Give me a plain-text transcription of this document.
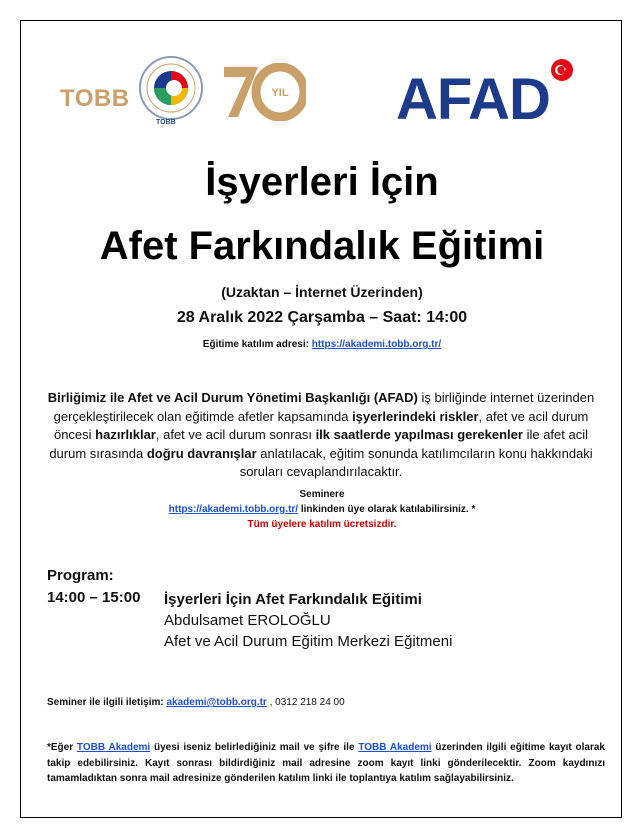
TOBB
TOBB
YIL AFAD
İşyerleri İçin
Afet Farkındalık Eğitimi
(Uzaktan – İnternet Üzerinden)
28 Aralık 2022 Çarşamba – Saat: 14:00
Eğitime katılım adresi: https://akademi.tobb.org.tr/
Birliğimiz ile Afet ve Acil Durum Yönetimi Başkanlığı (AFAD) iş birliğinde internet üzerinden gerçekleştirilecek olan eğitimde afetler kapsamında işyerlerindeki riskler, afet ve acil durum öncesi hazırlıklar, afet ve acil durum sonrası ilk saatlerde yapılması gerekenler ile afet acil durum sırasında doğru davranışlar anlatılacak, eğitim sonunda katılımcıların konu hakkındaki soruları cevaplandırılacaktır.
Seminere
https://akademi.tobb.org.tr/ linkinden üye olarak katılabilirsiniz. *
Tüm üyelere katılım ücretsizdir.
Program:
14:00 – 15:00	İşyerleri İçin Afet Farkındalık Eğitimi
Abdulsamet EROLOĞLU
Afet ve Acil Durum Eğitim Merkezi Eğitmeni
Seminer ile ilgili iletişim: akademi@tobb.org.tr , 0312 218 24 00
*Eğer TOBB Akademi üyesi iseniz belirlediğiniz mail ve şifre ile TOBB Akademi üzerinden ilgili eğitime kayıt olarak takip edebilirsiniz. Kayıt sonrası bildirdiğiniz mail adresine zoom kayıt linki gönderilecektir. Zoom kaydınızı tamamladıktan sonra mail adresinize gönderilen katılım linki ile toplantıya katılım sağlayabilirsiniz.
